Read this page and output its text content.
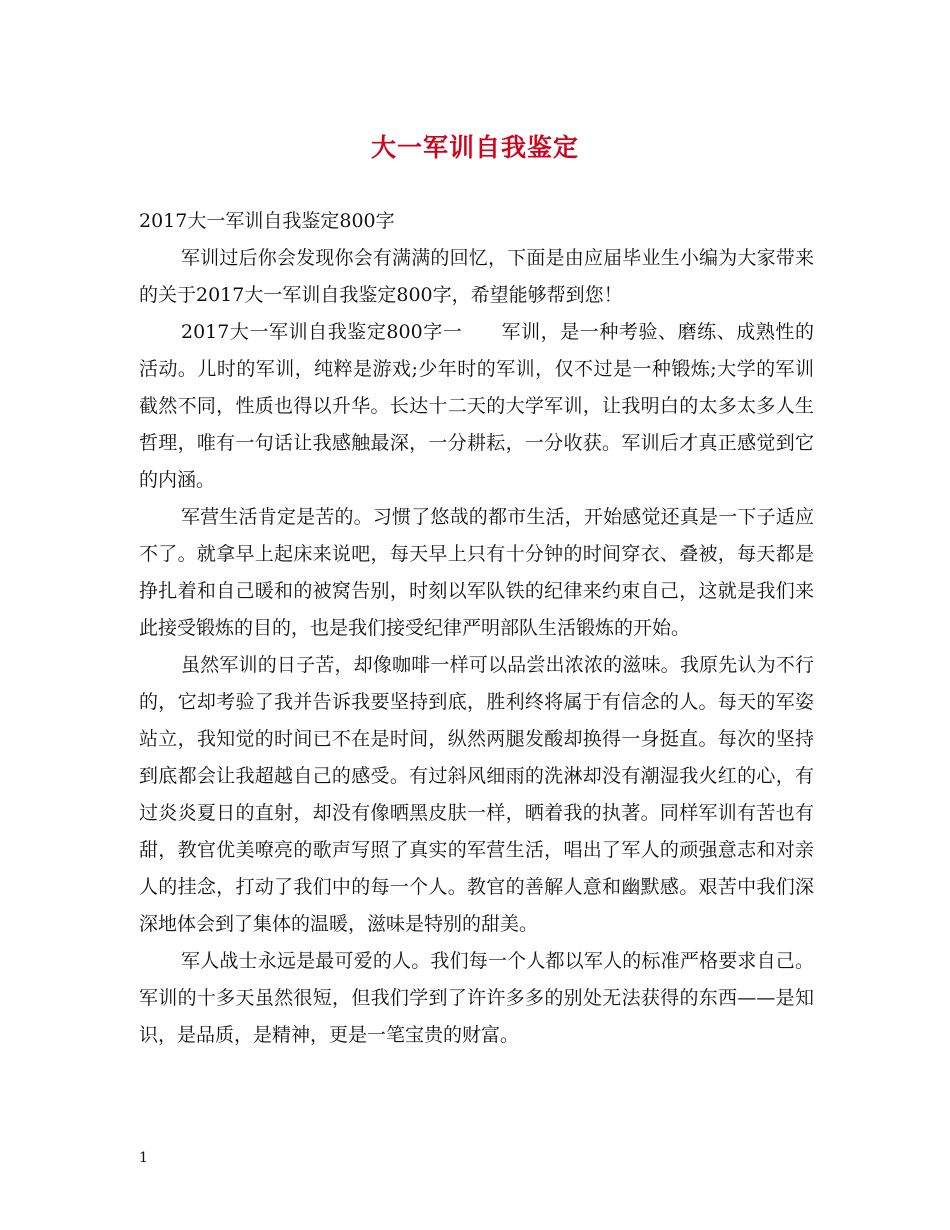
大一军训自我鉴定

2017大一军训自我鉴定800字

军训过后你会发现你会有满满的回忆，下面是由应届毕业生小编为大家带来的关于2017大一军训自我鉴定800字，希望能够帮到您！

2017大一军训自我鉴定800字一　　军训，是一种考验、磨练、成熟性的活动。儿时的军训，纯粹是游戏;少年时的军训，仅不过是一种锻炼;大学的军训截然不同，性质也得以升华。长达十二天的大学军训，让我明白的太多太多人生哲理，唯有一句话让我感触最深，一分耕耘，一分收获。军训后才真正感觉到它的内涵。

军营生活肯定是苦的。习惯了悠哉的都市生活，开始感觉还真是一下子适应不了。就拿早上起床来说吧，每天早上只有十分钟的时间穿衣、叠被，每天都是挣扎着和自己暖和的被窝告别，时刻以军队铁的纪律来约束自己，这就是我们来此接受锻炼的目的，也是我们接受纪律严明部队生活锻炼的开始。

虽然军训的日子苦，却像咖啡一样可以品尝出浓浓的滋味。我原先认为不行的，它却考验了我并告诉我要坚持到底，胜利终将属于有信念的人。每天的军姿站立，我知觉的时间已不在是时间，纵然两腿发酸却换得一身挺直。每次的坚持到底都会让我超越自己的感受。有过斜风细雨的洗淋却没有潮湿我火红的心，有过炎炎夏日的直射，却没有像晒黑皮肤一样，晒着我的执著。同样军训有苦也有甜，教官优美嘹亮的歌声写照了真实的军营生活，唱出了军人的顽强意志和对亲人的挂念，打动了我们中的每一个人。教官的善解人意和幽默感。艰苦中我们深深地体会到了集体的温暖，滋味是特别的甜美。

军人战士永远是最可爱的人。我们每一个人都以军人的标准严格要求自己。军训的十多天虽然很短，但我们学到了许许多多的别处无法获得的东西——是知识，是品质，是精神，更是一笔宝贵的财富。

1
